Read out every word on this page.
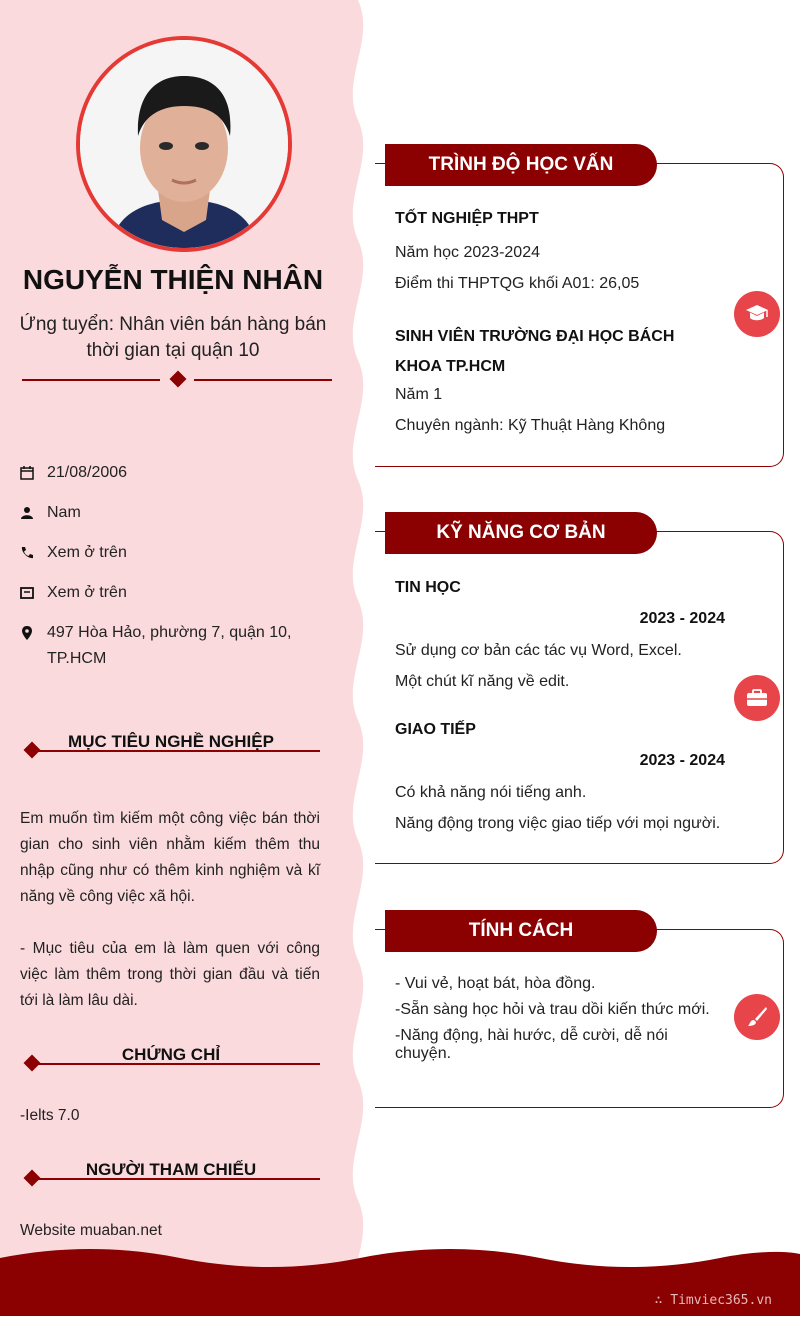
NGUYỄN THIỆN NHÂN
Ứng tuyển: Nhân viên bán hàng bán thời gian tại quận 10
21/08/2006
Nam
Xem ở trên
Xem ở trên
497 Hòa Hảo, phường 7, quận 10, TP.HCM
MỤC TIÊU NGHỀ NGHIỆP
Em muốn tìm kiếm một công việc bán thời gian cho sinh viên nhằm kiếm thêm thu nhập cũng như có thêm kinh nghiệm và kĩ năng về công việc xã hội.
- Mục tiêu của em là làm quen với công việc làm thêm trong thời gian đầu và tiến tới là làm lâu dài.
CHỨNG CHỈ
-Ielts 7.0
NGƯỜI THAM CHIẾU
Website muaban.net
TRÌNH ĐỘ HỌC VẤN
TỐT NGHIỆP THPT
Năm học 2023-2024
Điểm thi THPTQG khối A01: 26,05
SINH VIÊN TRƯỜNG ĐẠI HỌC BÁCH KHOA TP.HCM
Năm 1
Chuyên ngành: Kỹ Thuật Hàng Không
KỸ NĂNG CƠ BẢN
TIN HỌC
2023 - 2024
Sử dụng cơ bản các tác vụ Word, Excel.
Một chút kĩ năng về edit.
GIAO TIẾP
2023 - 2024
Có khả năng nói tiếng anh.
Năng động trong việc giao tiếp với mọi người.
TÍNH CÁCH
- Vui vẻ, hoạt bát, hòa đồng.
-Sẵn sàng học hỏi và trau dồi kiến thức mới.
-Năng động, hài hước, dễ cười, dễ nói chuyện.
∴ Timviec365.vn
